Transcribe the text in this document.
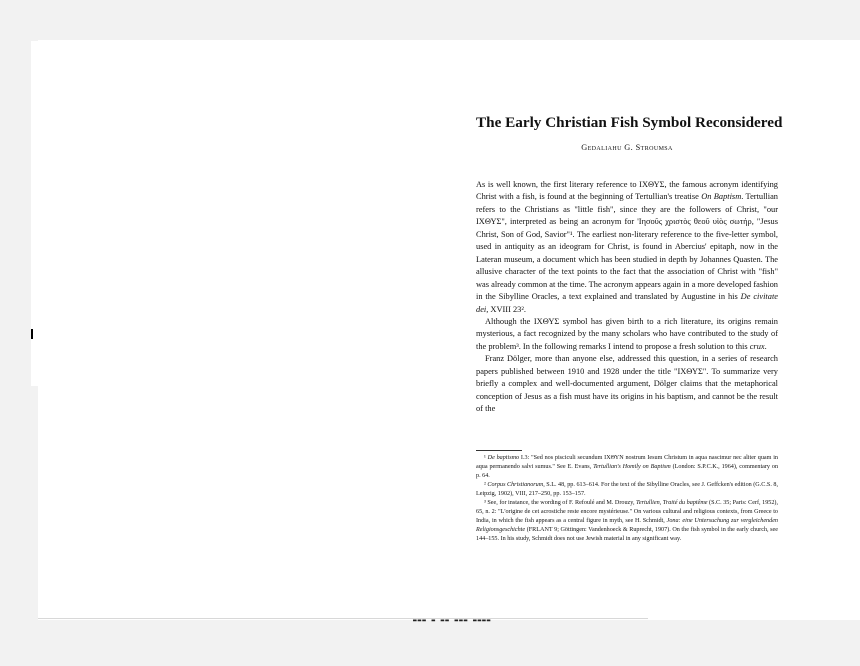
The Early Christian Fish Symbol Reconsidered
Gedaliahu G. Stroumsa

As is well known, the first literary reference to ΙΧΘΥΣ, the famous acronym identifying Christ with a fish, is found at the beginning of Tertullian's treatise On Baptism. Tertullian refers to the Christians as "little fish", since they are the followers of Christ, "our ΙΧΘΥΣ", interpreted as being an acronym for 'Ιησοῦς χριστὸς θεοῦ υἱὸς σωτήρ, "Jesus Christ, Son of God, Savior"¹. The earliest non-literary reference to the five-letter symbol, used in antiquity as an ideogram for Christ, is found in Abercius' epitaph, now in the Lateran museum, a document which has been studied in depth by Johannes Quasten. The allusive character of the text points to the fact that the association of Christ with "fish" was already common at the time. The acronym appears again in a more developed fashion in the Sibylline Oracles, a text explained and translated by Augustine in his De civitate dei, XVIII 23².

Although the ΙΧΘΥΣ symbol has given birth to a rich literature, its origins remain mysterious, a fact recognized by the many scholars who have contributed to the study of the problem³. In the following remarks I intend to propose a fresh solution to this crux.

Franz Dölger, more than anyone else, addressed this question, in a series of research papers published between 1910 and 1928 under the title "ΙΧΘΥΣ". To summarize very briefly a complex and well-documented argument, Dölger claims that the metaphorical conception of Jesus as a fish must have its origins in his baptism, and cannot be the result of the

¹ De baptismo I.3: "Sed nos pisciculi secundum ΙΧΘΥΝ nostrum Iesum Christum in aqua nascimur nec aliter quam in aqua permanendo salvi sumus." See E. Evans, Tertullian's Homily on Baptism (London: S.P.C.K., 1964), commentary on p. 64.

² Corpus Christianorum, S.L. 48, pp. 613–614. For the text of the Sibylline Oracles, see J. Geffcken's edition (G.C.S. 8, Leipzig, 1902), VIII, 217–250, pp. 153–157.

³ See, for instance, the wording of F. Refoulé and M. Drouzy, Tertullien, Traité du baptême (S.C. 35; Paris: Cerf, 1952), 65, n. 2: "L'origine de cet acrostiche reste encore mystérieuse." On various cultural and religious contexts, from Greece to India, in which the fish appears as a central figure in myth, see H. Schmidt, Jona: eine Untersuchung zur vergleichenden Religionsgeschichte (FRLANT 9; Göttingen: Vandenhoeck & Ruprecht, 1907). On the fish symbol in the early church, see 144–155. In his study, Schmidt does not use Jewish material in any significant way.

▬▬▬ ▬ ▬▬ ▬▬▬ ▬▬▬▬
